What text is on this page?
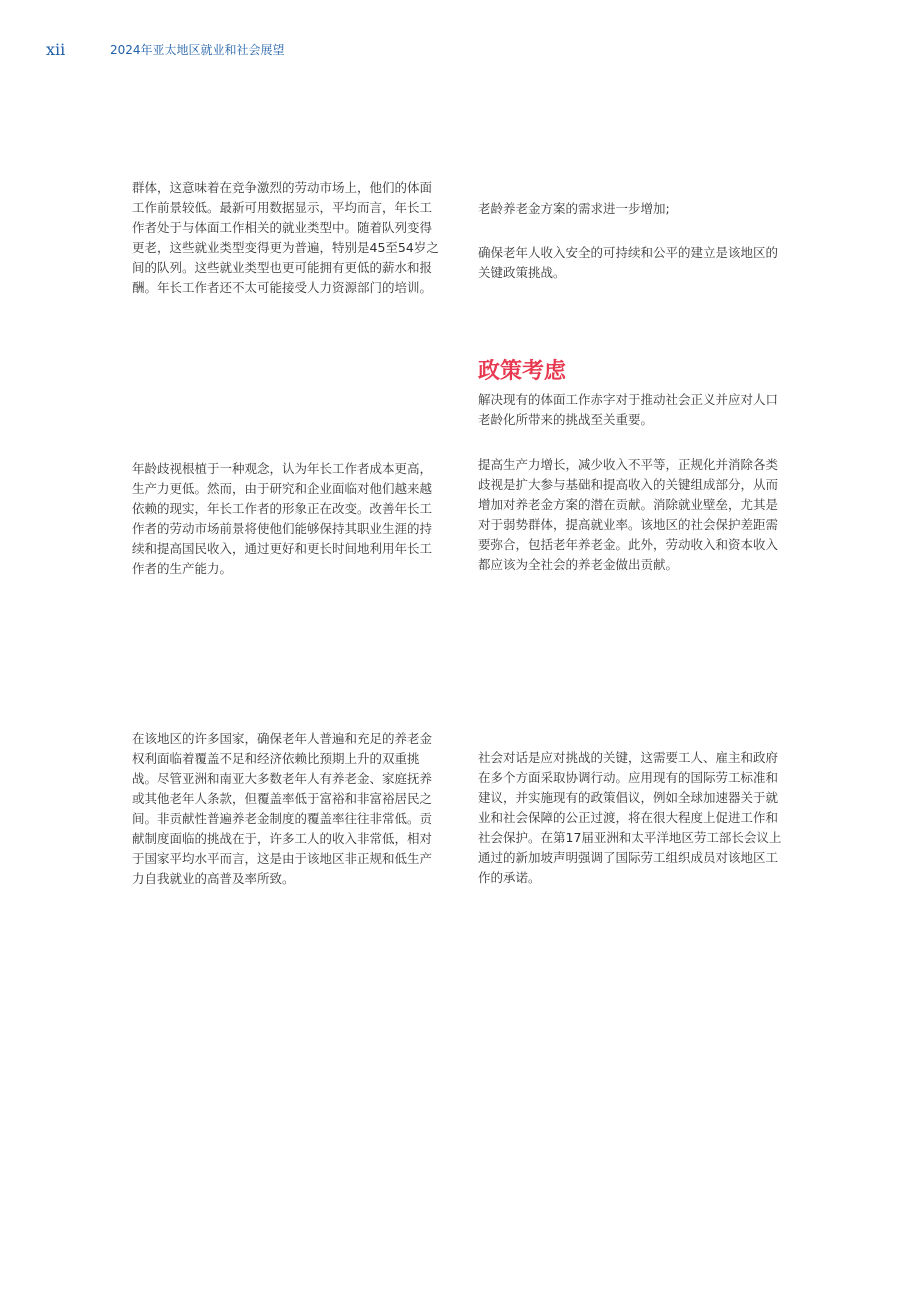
xii	2024年亚太地区就业和社会展望

群体，这意味着在竞争激烈的劳动市场上，他们的体面工作前景较低。最新可用数据显示，平均而言，年长工作者处于与体面工作相关的就业类型中。随着队列变得更老，这些就业类型变得更为普遍，特别是45至54岁之间的队列。这些就业类型也更可能拥有更低的薪水和报酬。年长工作者还不太可能接受人力资源部门的培训。

年龄歧视根植于一种观念，认为年长工作者成本更高，生产力更低。然而，由于研究和企业面临对他们越来越依赖的现实，年长工作者的形象正在改变。改善年长工作者的劳动市场前景将使他们能够保持其职业生涯的持续和提高国民收入，通过更好和更长时间地利用年长工作者的生产能力。

在该地区的许多国家，确保老年人普遍和充足的养老金权利面临着覆盖不足和经济依赖比预期上升的双重挑战。尽管亚洲和南亚大多数老年人有养老金、家庭抚养或其他老年人条款，但覆盖率低于富裕和非富裕居民之间。非贡献性普遍养老金制度的覆盖率往往非常低。贡献制度面临的挑战在于，许多工人的收入非常低，相对于国家平均水平而言，这是由于该地区非正规和低生产力自我就业的高普及率所致。

老龄养老金方案的需求进一步增加;

确保老年人收入安全的可持续和公平的建立是该地区的关键政策挑战。

政策考虑

解决现有的体面工作赤字对于推动社会正义并应对人口老龄化所带来的挑战至关重要。

提高生产力增长，减少收入不平等，正规化并消除各类歧视是扩大参与基础和提高收入的关键组成部分，从而增加对养老金方案的潜在贡献。消除就业壁垒，尤其是对于弱势群体，提高就业率。该地区的社会保护差距需要弥合，包括老年养老金。此外，劳动收入和资本收入都应该为全社会的养老金做出贡献。

社会对话是应对挑战的关键，这需要工人、雇主和政府在多个方面采取协调行动。应用现有的国际劳工标准和建议，并实施现有的政策倡议，例如全球加速器关于就业和社会保障的公正过渡，将在很大程度上促进工作和社会保护。在第17届亚洲和太平洋地区劳工部长会议上通过的新加坡声明强调了国际劳工组织成员对该地区工作的承诺。
